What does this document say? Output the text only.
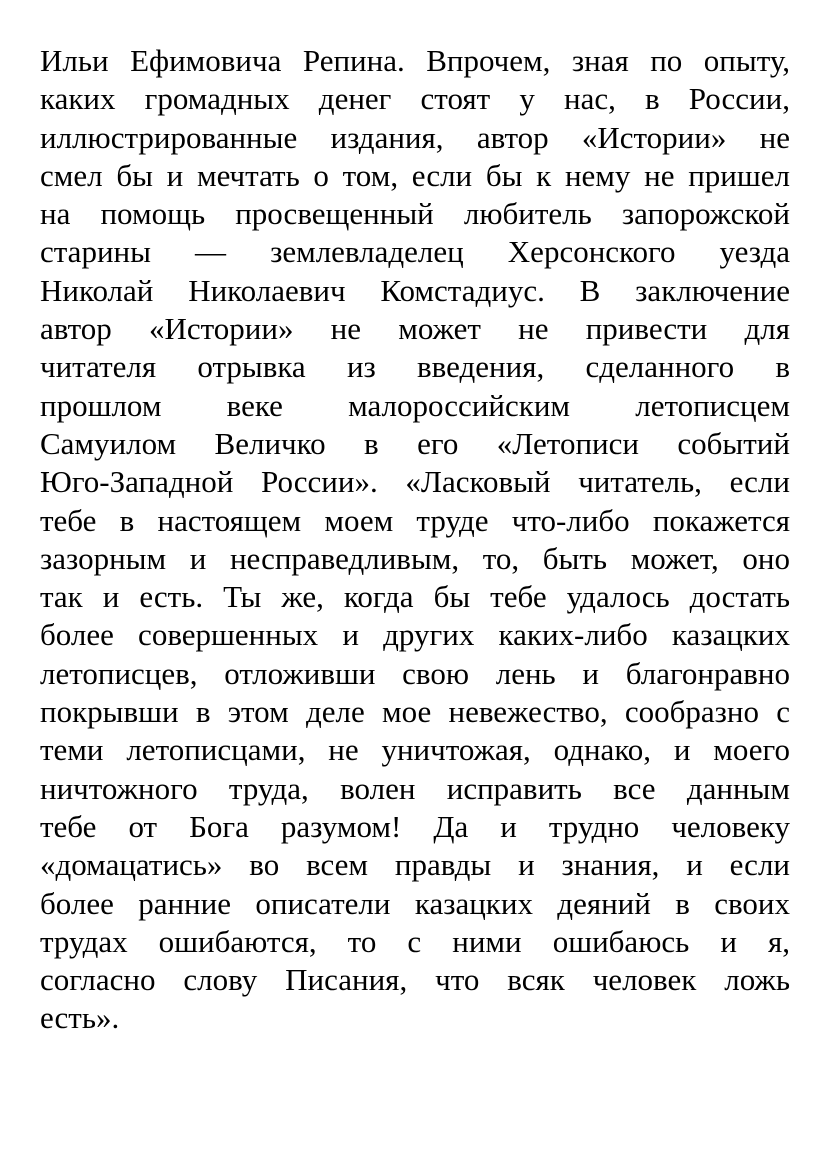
Ильи Ефимовича Репина. Впрочем, зная по опыту,
каких громадных денег стоят у нас, в России,
иллюстрированные издания, автор «Истории» не
смел бы и мечтать о том, если бы к нему не пришел
на помощь просвещенный любитель запорожской
старины — землевладелец Херсонского уезда
Николай Николаевич Комстадиус. В заключение
автор «Истории» не может не привести для
читателя отрывка из введения, сделанного в
прошлом веке малороссийским летописцем
Самуилом Величко в его «Летописи событий
Юго-Западной России». «Ласковый читатель, если
тебе в настоящем моем труде что-либо покажется
зазорным и несправедливым, то, быть может, оно
так и есть. Ты же, когда бы тебе удалось достать
более совершенных и других каких-либо казацких
летописцев, отложивши свою лень и благонравно
покрывши в этом деле мое невежество, сообразно с
теми летописцами, не уничтожая, однако, и моего
ничтожного труда, волен исправить все данным
тебе от Бога разумом! Да и трудно человеку
«домацатись» во всем правды и знания, и если
более ранние описатели казацких деяний в своих
трудах ошибаются, то с ними ошибаюсь и я,
согласно слову Писания, что всяк человек ложь
есть».
